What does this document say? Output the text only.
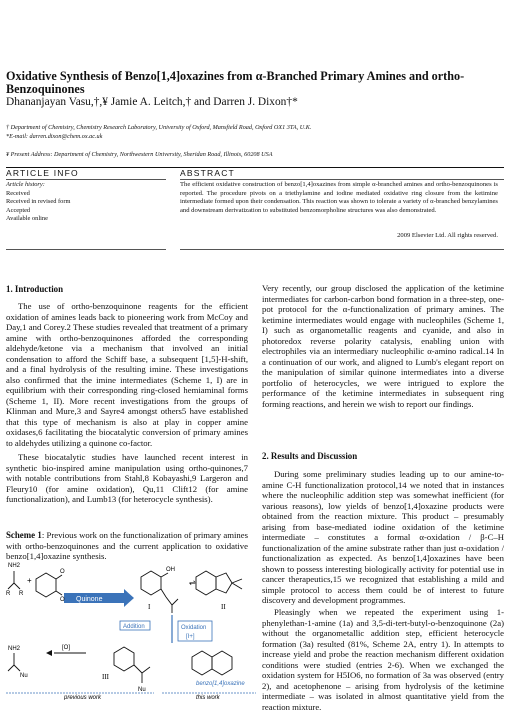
Oxidative Synthesis of Benzo[1,4]oxazines from α-Branched Primary Amines and ortho-Benzoquinones
Dhananjayan Vasu,†,¥ Jamie A. Leitch,† and Darren J. Dixon†*
† Department of Chemistry, Chemistry Research Laboratory, University of Oxford, Mansfield Road, Oxford OX1 3TA, U.K.
*E-mail: darren.dixon@chem.ox.ac.uk
¥ Present Address: Department of Chemistry, Northwestern University, Sheridan Road, Illinois, 60208 USA
ARTICLE INFO	ABSTRACT
Article history:
Received
Received in revised form
Accepted
Available online
The efficient oxidative construction of benzo[1,4]oxazines from simple α-branched amines and ortho-benzoquinones is reported. The procedure pivots on a triethylamine and iodine mediated oxidative ring closure from the ketimine intermediate formed upon their condensation. This reaction was shown to tolerate a variety of α-branched benzylamines and downstream derivatization to substituted benzomorpholine structures was also demonstrated.
2009 Elsevier Ltd. All rights reserved.
1. Introduction
The use of ortho-benzoquinone reagents for the efficient oxidation of amines leads back to pioneering work from McCoy and Day,1 and Corey.2 These studies revealed that treatment of a primary amine with ortho-benzoquinones afforded the corresponding aldehyde/ketone via a mechanism that involved an initial condensation to afford the Schiff base, a subsequent [1,5]-H-shift, and a final hydrolysis of the resulting imine. These investigations also confirmed that the imine intermediates (Scheme 1, I) are in equilibrium with their corresponding ring-closed hemiaminal forms (Scheme 1, II). More recent investigations from the groups of Klinman and Mure,3 and Sayre4 amongst others5 have established that this type of mechanism is also at play in copper amine oxidases,6 facilitating the biocatalytic conversion of primary amines to aldehydes utilizing a quinone co-factor.
These biocatalytic studies have launched recent interest in synthetic bio-inspired amine manipulation using ortho-quinones,7 with notable contributions from Stahl,8 Kobayashi,9 Largeron and Fleury10 (for amine oxidation), Qu,11 Clift12 (for amine functionalization), and Lumb13 (for heterocycle synthesis).
Scheme 1: Previous work on the functionalization of primary amines with ortho-benzoquinones and the current application to oxidative benzo[1,4]oxazine synthesis.
Quinone
NH2
R R
+
O
O
OH
I	II
⇌
Addition	Oxidation
[I+]
NH2
Nu
[O]
III
Nu
benzo[1,4]oxazine
previous work	this work
Very recently, our group disclosed the application of the ketimine intermediates for carbon-carbon bond formation in a three-step, one-pot protocol for the α-functionalization of primary amines. The ketimine intermediates would engage with nucleophiles (Scheme 1, I) such as organometallic reagents and cyanide, and also in photoredox reverse polarity catalysis, enabling union with electrophiles via an intermediary nucleophilic α-amino radical.14 In a continuation of our work, and aligned to Lumb's elegant report on the manipulation of similar quinone intermediates into a diverse portfolio of heterocycles, we were intrigued to explore the performance of the ketimine intermediates in subsequent ring forming reactions, and herein we wish to report our findings.
2. Results and Discussion
During some preliminary studies leading up to our amine-to-amine C-H functionalization protocol,14 we noted that in instances where the nucleophilic addition step was somewhat inefficient (for various reasons), low yields of benzo[1,4]oxazine products were obtained from the reaction mixture. This product – presumably arising from base-mediated iodine oxidation of the ketimine intermediate – constitutes a formal α-oxidation / β-C–H functionalization of the amine substrate rather than just α-oxidation / functionalization as expected. As benzo[1,4]oxazines have been shown to possess interesting biologically activity for potential use in cancer therapeutics,15 we recognized that establishing a mild and simple protocol to access them could be of interest to future discovery and development programmes.
Pleasingly when we repeated the experiment using 1-phenylethan-1-amine (1a) and 3,5-di-tert-butyl-o-benzoquinone (2a) without the organometallic addition step, efficient heterocycle formation (3a) resulted (81%, Scheme 2A, entry 1). In attempts to increase yield and probe the reaction mechanism different oxidation conditions were studied (entries 2-6). When we exchanged the oxidation system for H5IO6, no formation of 3a was observed (entry 2), and acetophenone – arising from hydrolysis of the ketimine intermediate – was isolated in almost quantitative yield from the reaction mixture.
